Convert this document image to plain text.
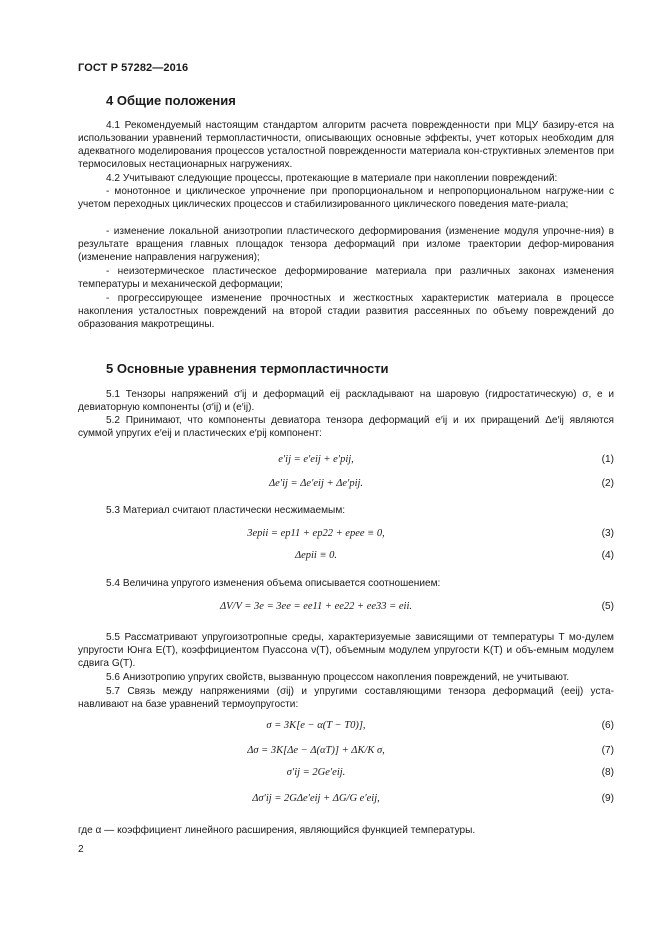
ГОСТ Р 57282—2016
4 Общие положения

4.1 Рекомендуемый настоящим стандартом алгоритм расчета поврежденности при МЦУ базиру-ется на использовании уравнений термопластичности, описывающих основные эффекты, учет которых необходим для адекватного моделирования процессов усталостной поврежденности материала кон-структивных элементов при термосиловых нестационарных нагружениях.

4.2 Учитывают следующие процессы, протекающие в материале при накоплении повреждений:

- монотонное и циклическое упрочнение при пропорциональном и непропорциональном нагруже-нии с учетом переходных циклических процессов и стабилизированного циклического поведения мате-риала;

- изменение локальной анизотропии пластического деформирования (изменение модуля упрочне-ния) в результате вращения главных площадок тензора деформаций при изломе траектории дефор-мирования (изменение направления нагружения);

- неизотермическое пластическое деформирование материала при различных законах изменения температуры и механической деформации;

- прогрессирующее изменение прочностных и жесткостных характеристик материала в процессе накопления усталостных повреждений на второй стадии развития рассеянных по объему повреждений до образования макротрещины.

5 Основные уравнения термопластичности

5.1 Тензоры напряжений σ′ij и деформаций eij раскладывают на шаровую (гидростатическую) σ, e и девиаторную компоненты (σ′ij) и (e′ij).

5.2 Принимают, что компоненты девиатора тензора деформаций e′ij и их приращений Δe′ij являются суммой упругих e′eij и пластических e′pij компонент:

e′ij = e′eij + e′pij,	(1)
Δe′ij = Δe′eij + Δe′pij.	(2)

5.3 Материал считают пластически несжимаемым:

3epii = ep11 + ep22 + epee ≡ 0,	(3)
Δepii ≡ 0.	(4)

5.4 Величина упругого изменения объема описывается соотношением:

ΔV/V = 3e = 3ee = ee11 + ee22 + ee33 = eii.	(5)

5.5 Рассматривают упругоизотропные среды, характеризуемые зависящими от температуры T мо-дулем упругости Юнга E(T), коэффициентом Пуассона ν(T), объемным модулем упругости K(T) и объ-емным модулем сдвига G(T).

5.6 Анизотропию упругих свойств, вызванную процессом накопления повреждений, не учитывают.

5.7 Связь между напряжениями (σij) и упругими составляющими тензора деформаций (eeij) уста-навливают на базе уравнений термоупругости:

σ = 3K[e − α(T − T0)],	(6)
Δσ = 3K[Δe − Δ(αT)] + ΔK/K σ,	(7)
σ′ij = 2Ge′eij.	(8)
Δσ′ij = 2GΔe′eij + ΔG/G e′eij,	(9)

где α — коэффициент линейного расширения, являющийся функцией температуры.

2
